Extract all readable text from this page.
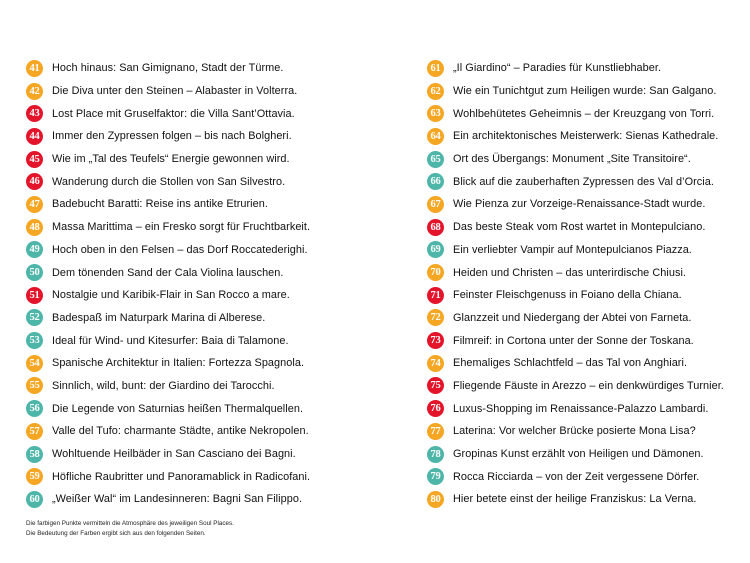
41	Hoch hinaus: San Gimignano, Stadt der Türme.
42	Die Diva unter den Steinen – Alabaster in Volterra.
43	Lost Place mit Gruselfaktor: die Villa Sant’Ottavia.
44	Immer den Zypressen folgen – bis nach Bolgheri.
45	Wie im „Tal des Teufels“ Energie gewonnen wird.
46	Wanderung durch die Stollen von San Silvestro.
47	Badebucht Baratti: Reise ins antike Etrurien.
48	Massa Marittima – ein Fresko sorgt für Fruchtbarkeit.
49	Hoch oben in den Felsen – das Dorf Roccatederighi.
50	Dem tönenden Sand der Cala Violina lauschen.
51	Nostalgie und Karibik-Flair in San Rocco a mare.
52	Badespaß im Naturpark Marina di Alberese.
53	Ideal für Wind- und Kitesurfer: Baia di Talamone.
54	Spanische Architektur in Italien: Fortezza Spagnola.
55	Sinnlich, wild, bunt: der Giardino dei Tarocchi.
56	Die Legende von Saturnias heißen Thermalquellen.
57	Valle del Tufo: charmante Städte, antike Nekropolen.
58	Wohltuende Heilbäder in San Casciano dei Bagni.
59	Höfliche Raubritter und Panoramablick in Radicofani.
60	„Weißer Wal“ im Landesinneren: Bagni San Filippo.
61	„Il Giardino“ – Paradies für Kunstliebhaber.
62	Wie ein Tunichtgut zum Heiligen wurde: San Galgano.
63	Wohlbehütetes Geheimnis – der Kreuzgang von Torri.
64	Ein architektonisches Meisterwerk: Sienas Kathedrale.
65	Ort des Übergangs: Monument „Site Transitoire“.
66	Blick auf die zauberhaften Zypressen des Val d’Orcia.
67	Wie Pienza zur Vorzeige-Renaissance-Stadt wurde.
68	Das beste Steak vom Rost wartet in Montepulciano.
69	Ein verliebter Vampir auf Montepulcianos Piazza.
70	Heiden und Christen – das unterirdische Chiusi.
71	Feinster Fleischgenuss in Foiano della Chiana.
72	Glanzzeit und Niedergang der Abtei von Farneta.
73	Filmreif: in Cortona unter der Sonne der Toskana.
74	Ehemaliges Schlachtfeld – das Tal von Anghiari.
75	Fliegende Fäuste in Arezzo – ein denkwürdiges Turnier.
76	Luxus-Shopping im Renaissance-Palazzo Lambardi.
77	Laterina: Vor welcher Brücke posierte Mona Lisa?
78	Gropinas Kunst erzählt von Heiligen und Dämonen.
79	Rocca Ricciarda – von der Zeit vergessene Dörfer.
80	Hier betete einst der heilige Franziskus: La Verna.
Die farbigen Punkte vermitteln die Atmosphäre des jeweiligen Soul Places.
Die Bedeutung der Farben ergibt sich aus den folgenden Seiten.
